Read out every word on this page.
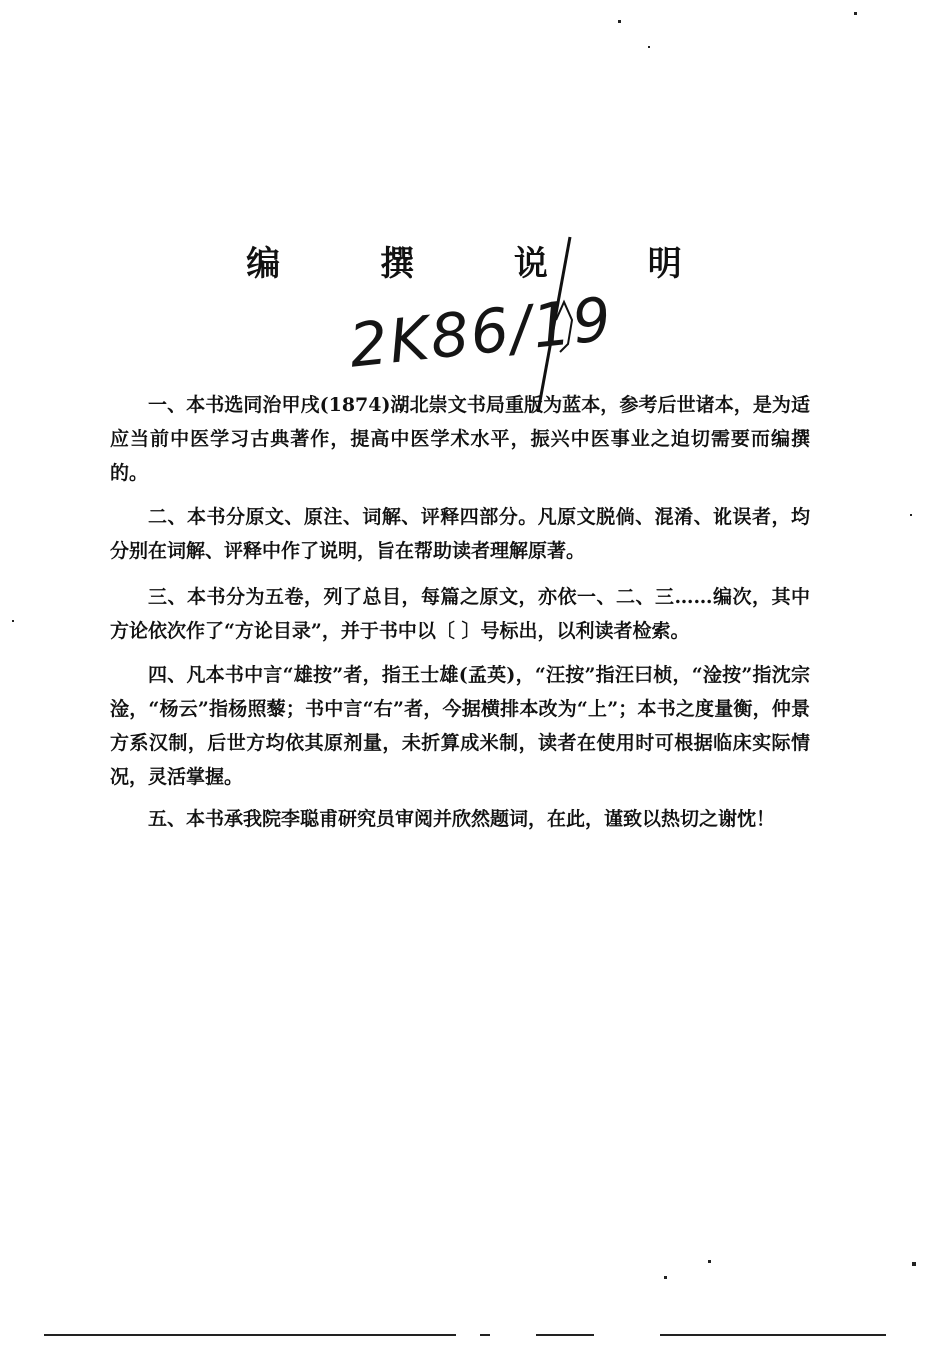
编 撰 说 明
2K86/19

一、本书选同治甲戌(1874)湖北崇文书局重版为蓝本，参考后世诸本，是为适应当前中医学习古典著作，提高中医学术水平，振兴中医事业之迫切需要而编撰的。

二、本书分原文、原注、词解、评释四部分。凡原文脱倘、混淆、讹误者，均分别在词解、评释中作了说明，旨在帮助读者理解原著。

三、本书分为五卷，列了总目，每篇之原文，亦依一、二、三……编次，其中方论依次作了“方论目录”，并于书中以〔 〕号标出，以利读者检索。

四、凡本书中言“雄按”者，指王士雄(孟英)，“汪按”指汪曰桢，“淦按”指沈宗淦，“杨云”指杨照藜；书中言“右”者，今据横排本改为“上”；本书之度量衡，仲景方系汉制，后世方均依其原剂量，未折算成米制，读者在使用时可根据临床实际情况，灵活掌握。

五、本书承我院李聪甫研究员审阅并欣然题词，在此，谨致以热切之谢忱！
